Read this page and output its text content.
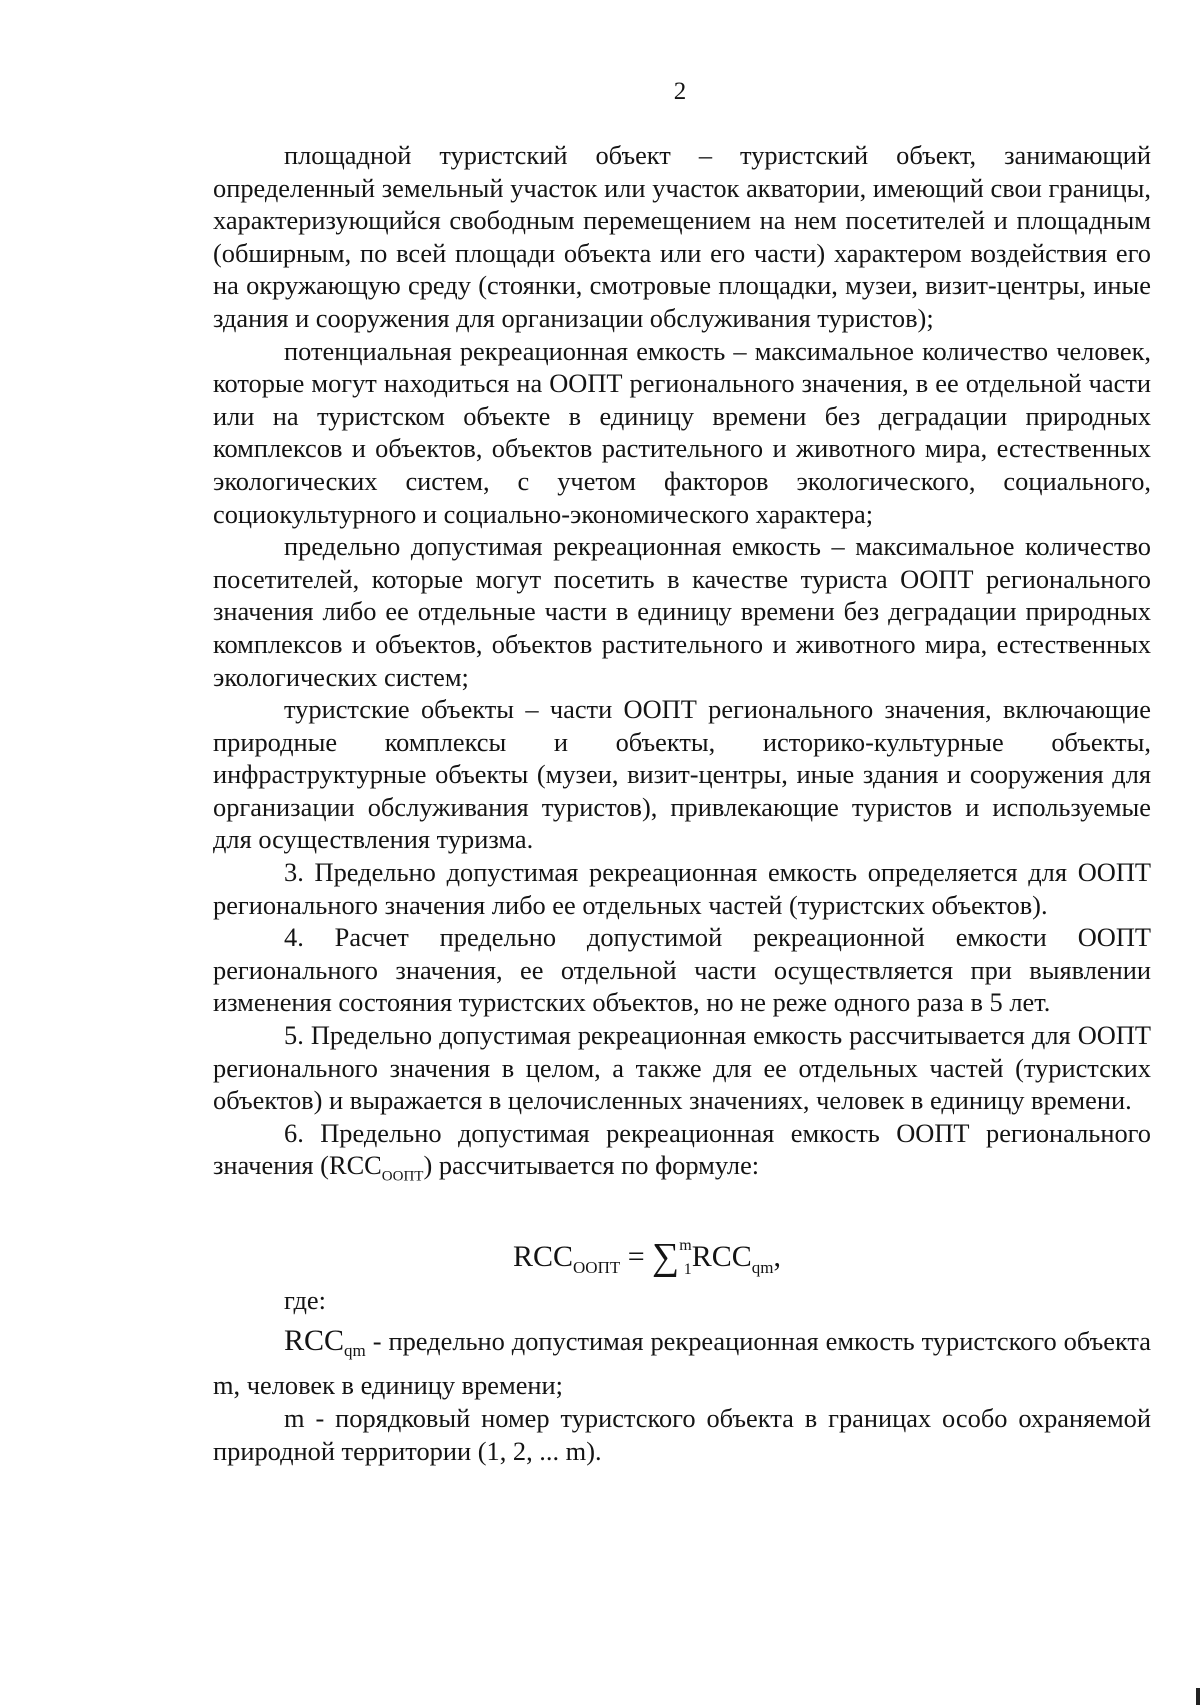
2

площадной туристский объект – туристский объект, занимающий определенный земельный участок или участок акватории, имеющий свои границы, характеризующийся свободным перемещением на нем посетителей и площадным (обширным, по всей площади объекта или его части) характером воздействия его на окружающую среду (стоянки, смотровые площадки, музеи, визит-центры, иные здания и сооружения для организации обслуживания туристов);

потенциальная рекреационная емкость – максимальное количество человек, которые могут находиться на ООПТ регионального значения, в ее отдельной части или на туристском объекте в единицу времени без деградации природных комплексов и объектов, объектов растительного и животного мира, естественных экологических систем, с учетом факторов экологического, социального, социокультурного и социально-экономического характера;

предельно допустимая рекреационная емкость – максимальное количество посетителей, которые могут посетить в качестве туриста ООПТ регионального значения либо ее отдельные части в единицу времени без деградации природных комплексов и объектов, объектов растительного и животного мира, естественных экологических систем;

туристские объекты – части ООПТ регионального значения, включающие природные комплексы и объекты, историко-культурные объекты, инфраструктурные объекты (музеи, визит-центры, иные здания и сооружения для организации обслуживания туристов), привлекающие туристов и используемые для осуществления туризма.

3. Предельно допустимая рекреационная емкость определяется для ООПТ регионального значения либо ее отдельных частей (туристских объектов).

4. Расчет предельно допустимой рекреационной емкости ООПТ регионального значения, ее отдельной части осуществляется при выявлении изменения состояния туристских объектов, но не реже одного раза в 5 лет.

5. Предельно допустимая рекреационная емкость рассчитывается для ООПТ регионального значения в целом, а также для ее отдельных частей (туристских объектов) и выражается в целочисленных значениях, человек в единицу времени.

6. Предельно допустимая рекреационная емкость ООПТ регионального значения $(RCC_{ООПТ})$ рассчитывается по формуле:

$RCC_{ООПТ} = \sum^m_1RCC_{qm}$,
где:

$RCC_{qm}$ - предельно допустимая рекреационная емкость туристского объекта m, человек в единицу времени;

m - порядковый номер туристского объекта в границах особо охраняемой природной территории (1, 2, ... m).
